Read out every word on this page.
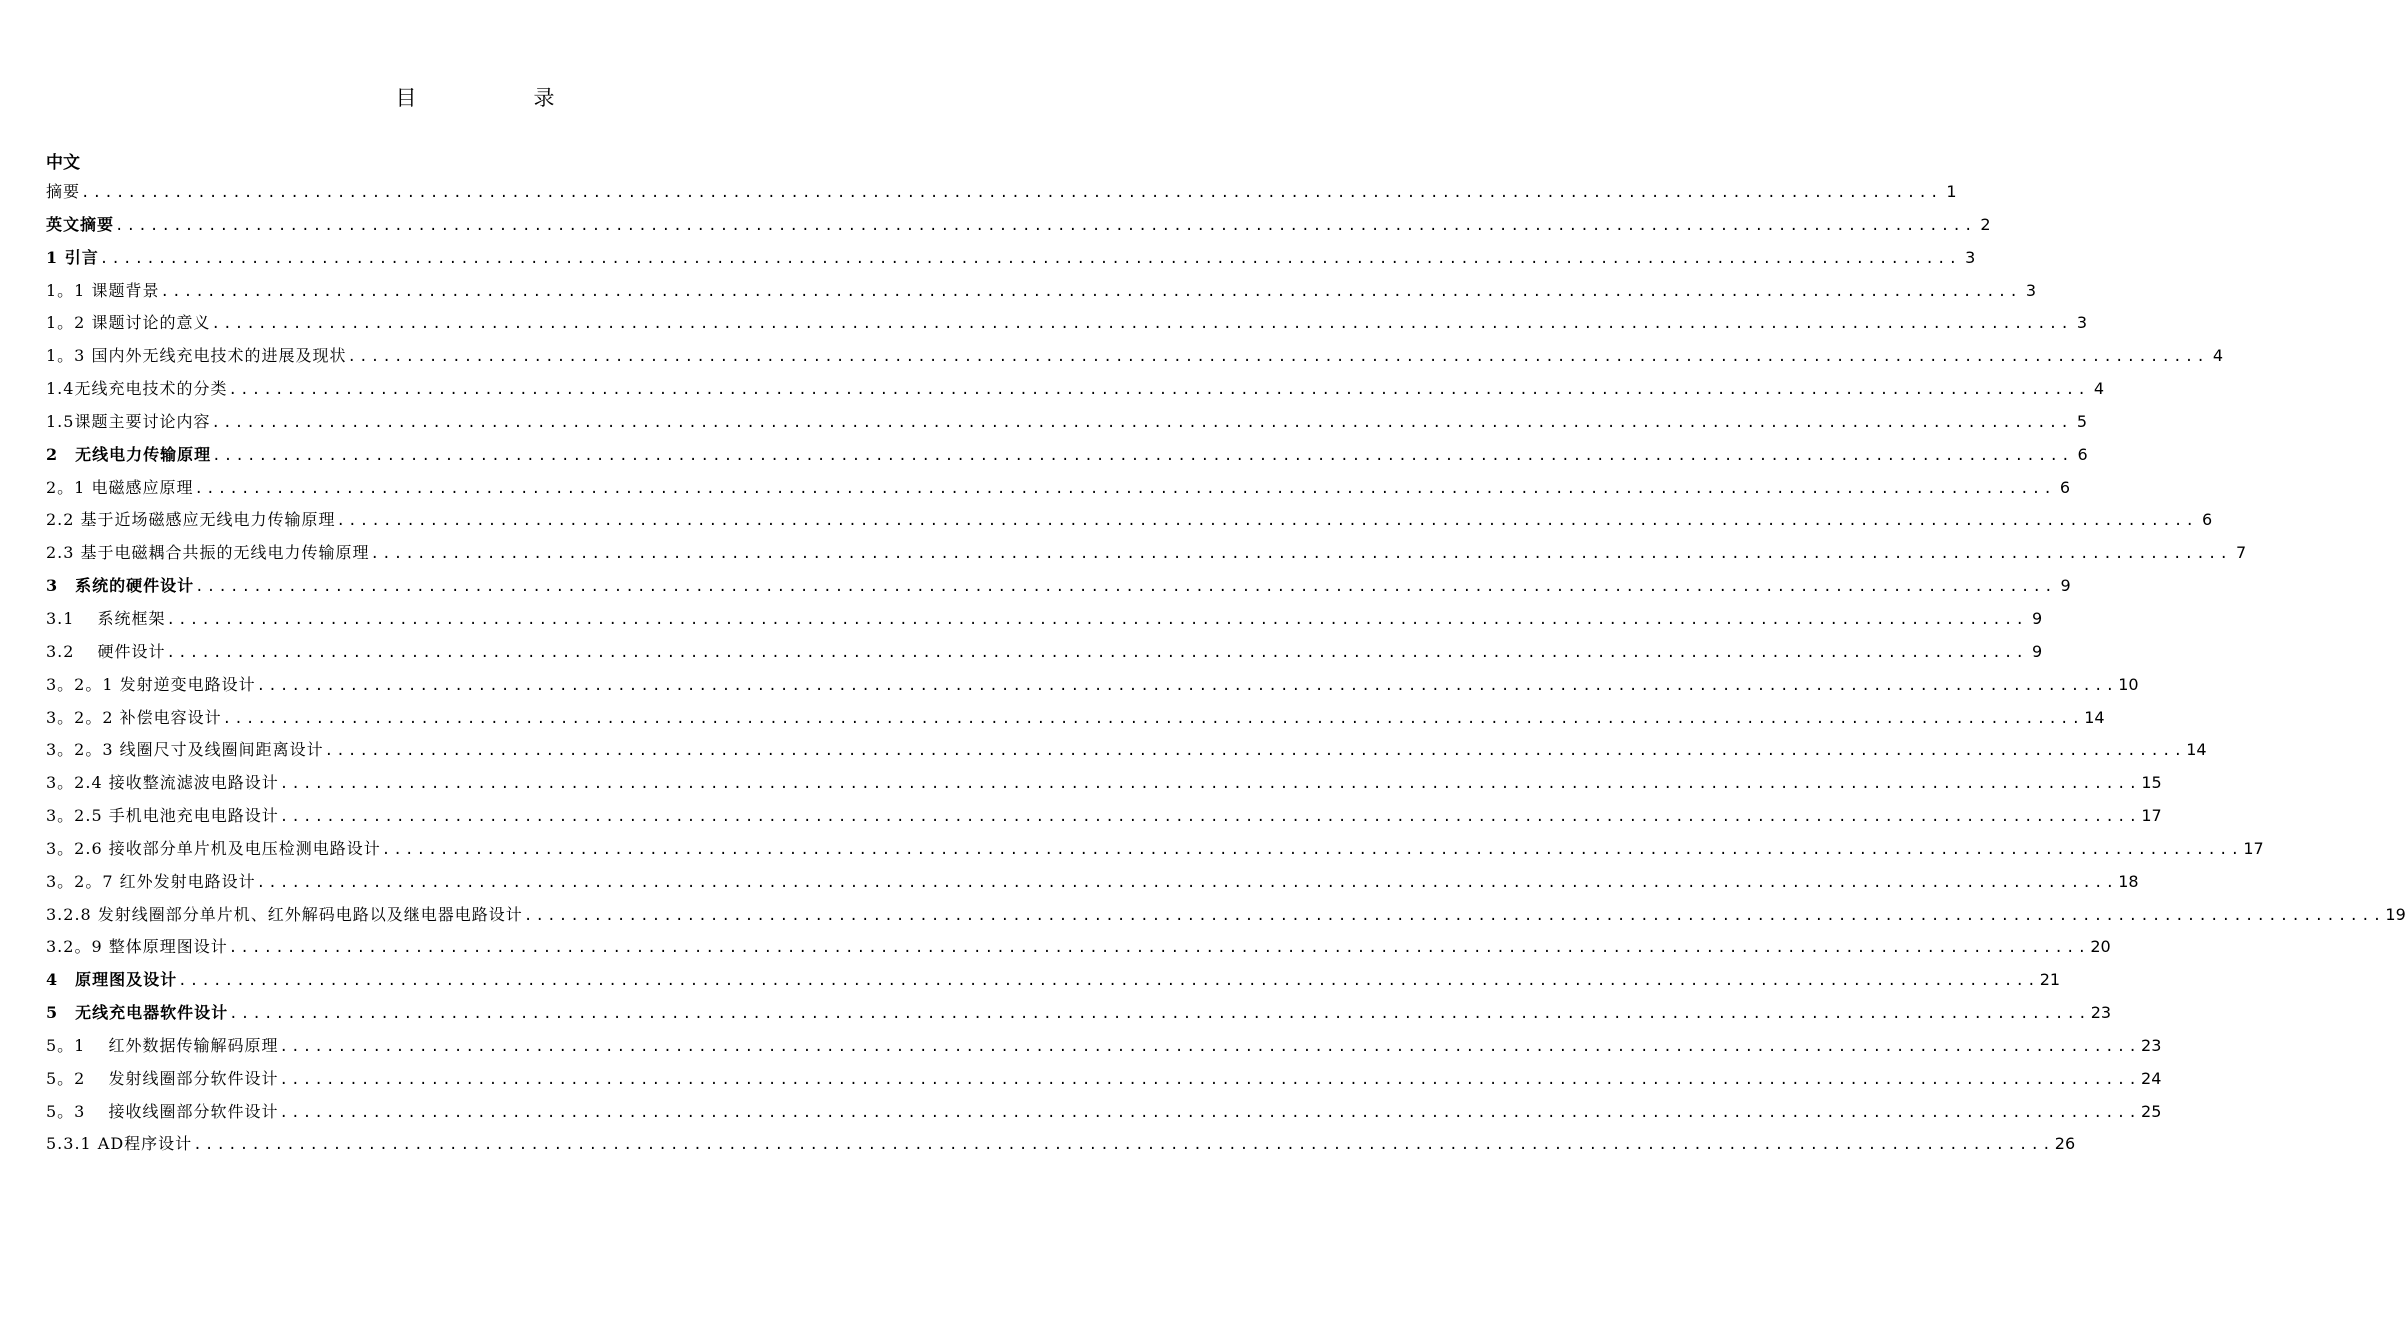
目　录
中文
摘要 ................................................................................................................................................................ 1
英文摘要 ................................................................................................................................................................ 2
1 引言 ................................................................................................................................................................ 3
1。1 课题背景 ................................................................................................................................................................ 3
1。2 课题讨论的意义 ................................................................................................................................................................ 3
1。3 国内外无线充电技术的进展及现状 ................................................................................................................................................................ 4
1.4无线充电技术的分类 ................................................................................................................................................................ 4
1.5课题主要讨论内容 ................................................................................................................................................................ 5
2　无线电力传输原理 ................................................................................................................................................................ 6
2。1 电磁感应原理 ................................................................................................................................................................ 6
2.2 基于近场磁感应无线电力传输原理 ................................................................................................................................................................ 6
2.3 基于电磁耦合共振的无线电力传输原理 ................................................................................................................................................................ 7
3　系统的硬件设计 ................................................................................................................................................................ 9
3.1　 系统框架 ................................................................................................................................................................ 9
3.2　 硬件设计 ................................................................................................................................................................ 9
3。2。1 发射逆变电路设计 ................................................................................................................................................................ 10
3。2。2 补偿电容设计 ................................................................................................................................................................ 14
3。2。3 线圈尺寸及线圈间距离设计 ................................................................................................................................................................ 14
3。2.4 接收整流滤波电路设计 ................................................................................................................................................................ 15
3。2.5 手机电池充电电路设计 ................................................................................................................................................................ 17
3。2.6 接收部分单片机及电压检测电路设计 ................................................................................................................................................................ 17
3。2。7 红外发射电路设计 ................................................................................................................................................................ 18
3.2.8 发射线圈部分单片机、红外解码电路以及继电器电路设计 ................................................................................................................................................................ 19
3.2。9 整体原理图设计 ................................................................................................................................................................ 20
4　原理图及设计 ................................................................................................................................................................ 21
5　无线充电器软件设计 ................................................................................................................................................................ 23
5。1　 红外数据传输解码原理 ................................................................................................................................................................ 23
5。2　 发射线圈部分软件设计 ................................................................................................................................................................ 24
5。3　 接收线圈部分软件设计 ................................................................................................................................................................ 25
5.3.1 AD程序设计 ................................................................................................................................................................ 26
